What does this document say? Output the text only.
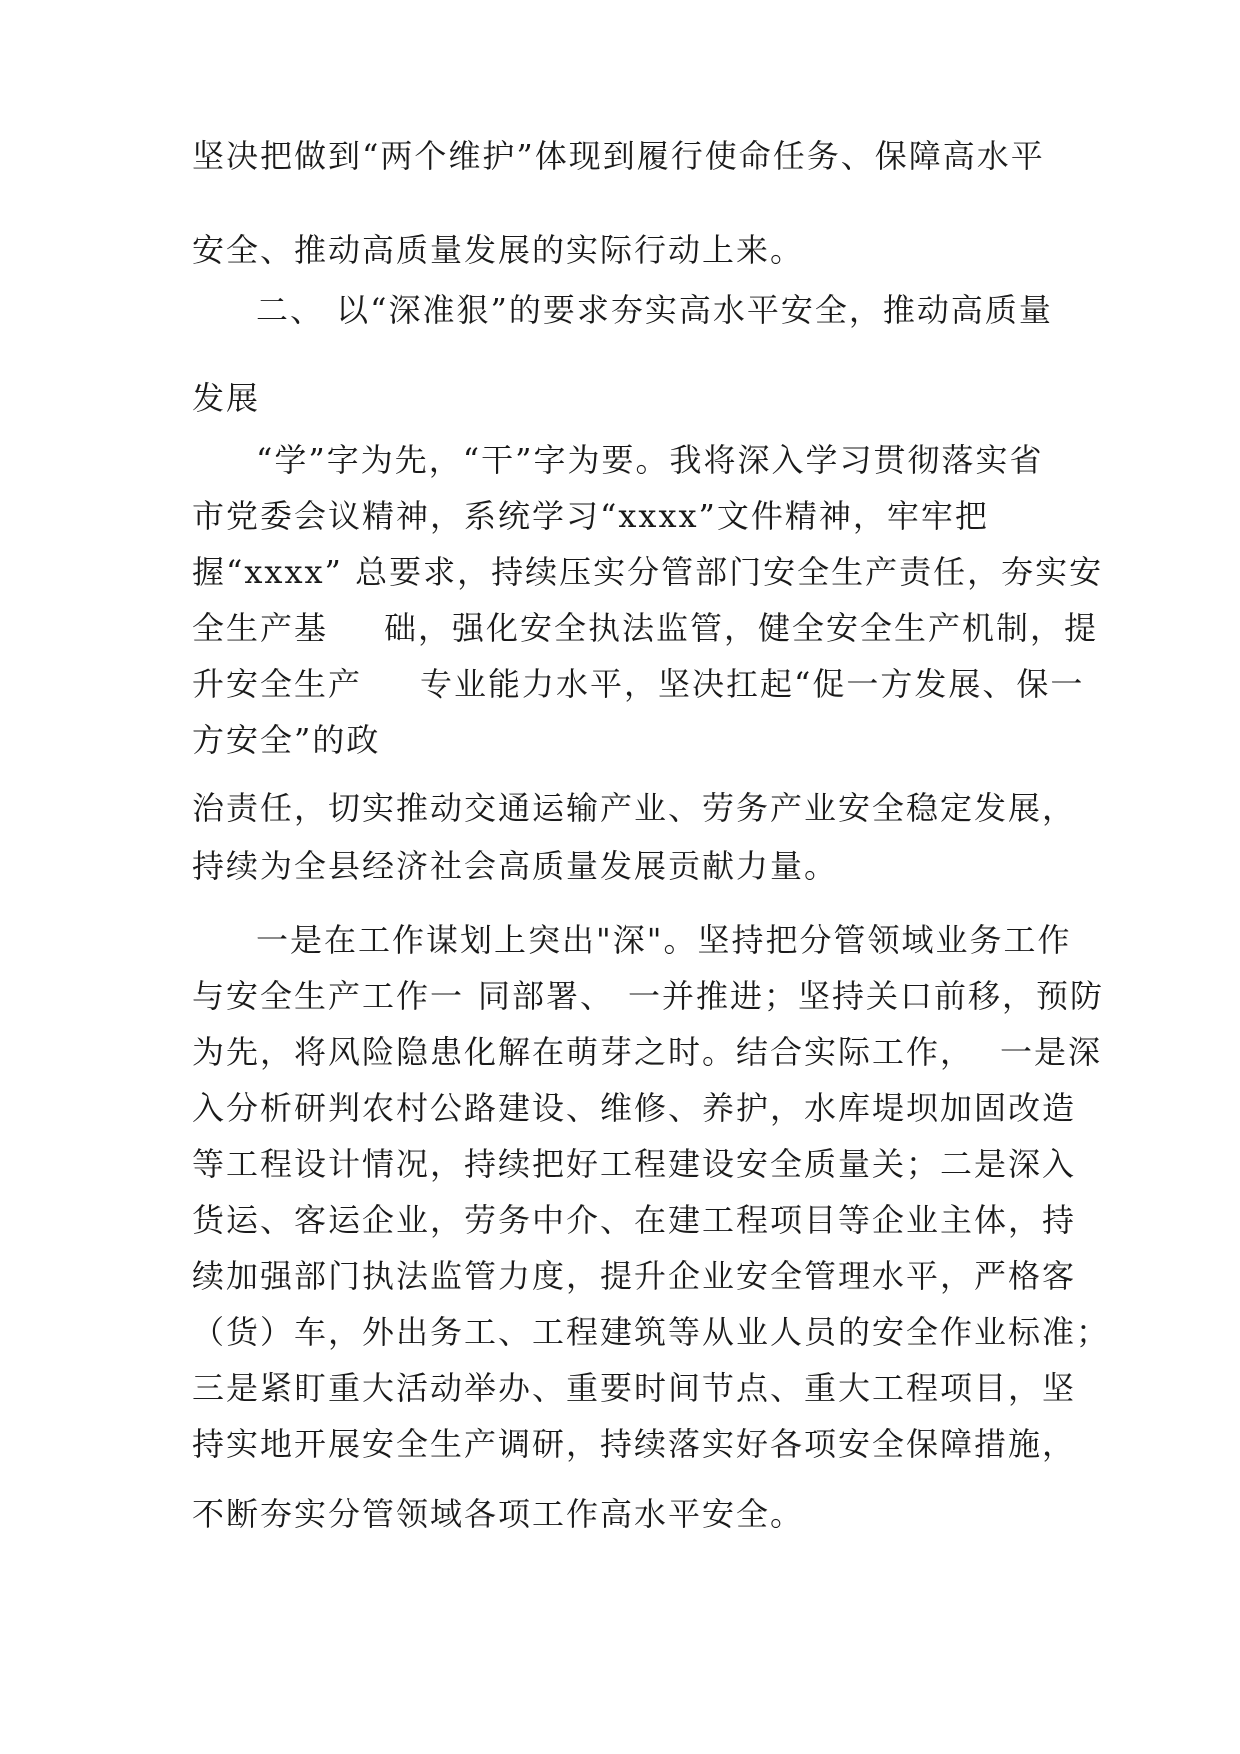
坚决把做到“两个维护”体现到履行使命任务、保障高水平
安全、推动高质量发展的实际行动上来。
二、 以“深准狠”的要求夯实高水平安全，推动高质量
发展
“学”字为先，“干”字为要。我将深入学习贯彻落实省
市党委会议精神，系统学习“xxxx”文件精神，牢牢把
握“xxxx” 总要求，持续压实分管部门安全生产责任，夯实安
全生产基 础，强化安全执法监管，健全安全生产机制，提
升安全生产 专业能力水平，坚决扛起“促一方发展、保一
方安全”的政
治责任，切实推动交通运输产业、劳务产业安全稳定发展，
持续为全县经济社会高质量发展贡献力量。
一是在工作谋划上突出"深"。坚持把分管领域业务工作
与安全生产工作一 同部署、 一并推进；坚持关口前移，预防
为先，将风险隐患化解在萌芽之时。结合实际工作， 一是深
入分析研判农村公路建设、维修、养护，水库堤坝加固改造
等工程设计情况，持续把好工程建设安全质量关；二是深入
货运、客运企业，劳务中介、在建工程项目等企业主体，持
续加强部门执法监管力度，提升企业安全管理水平，严格客
（货）车，外出务工、工程建筑等从业人员的安全作业标准；
三是紧盯重大活动举办、重要时间节点、重大工程项目，坚
持实地开展安全生产调研，持续落实好各项安全保障措施，
不断夯实分管领域各项工作高水平安全。
